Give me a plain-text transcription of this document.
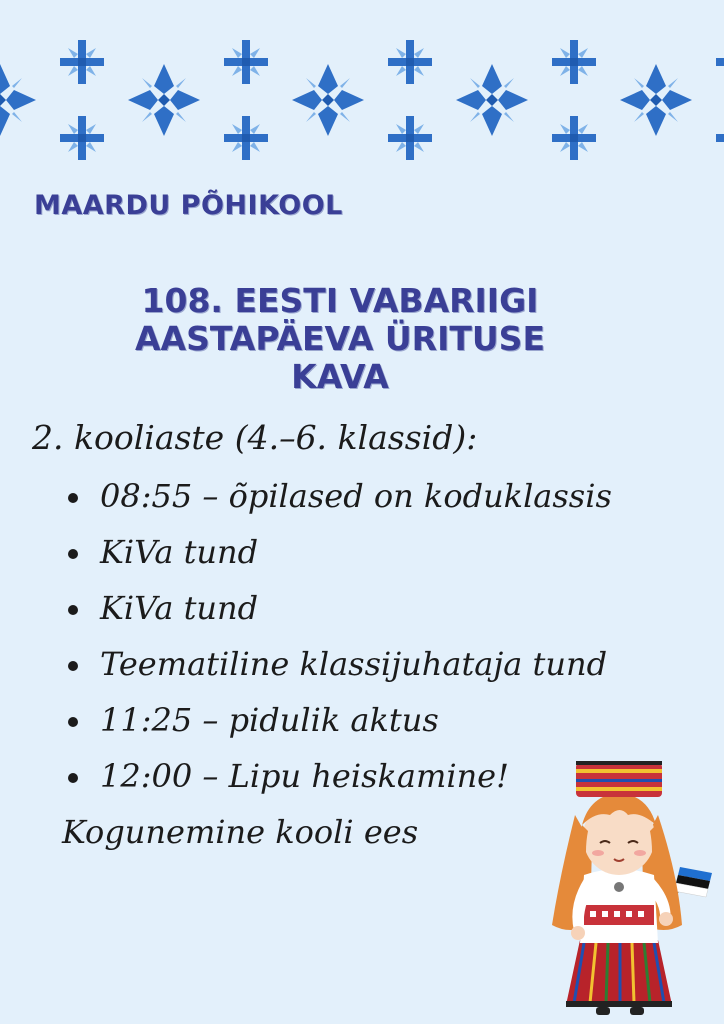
MAARDU PÕHIKOOL
108. EESTI VABARIIGI
AASTAPÄEVA ÜRITUSE
KAVA
2. kooliaste (4.–6. klassid):
08:55 – õpilased on koduklassis
KiVa tund
KiVa tund
Teematiline klassijuhataja tund
11:25 – pidulik aktus
12:00 – Lipu heiskamine!
Kogunemine kooli ees
